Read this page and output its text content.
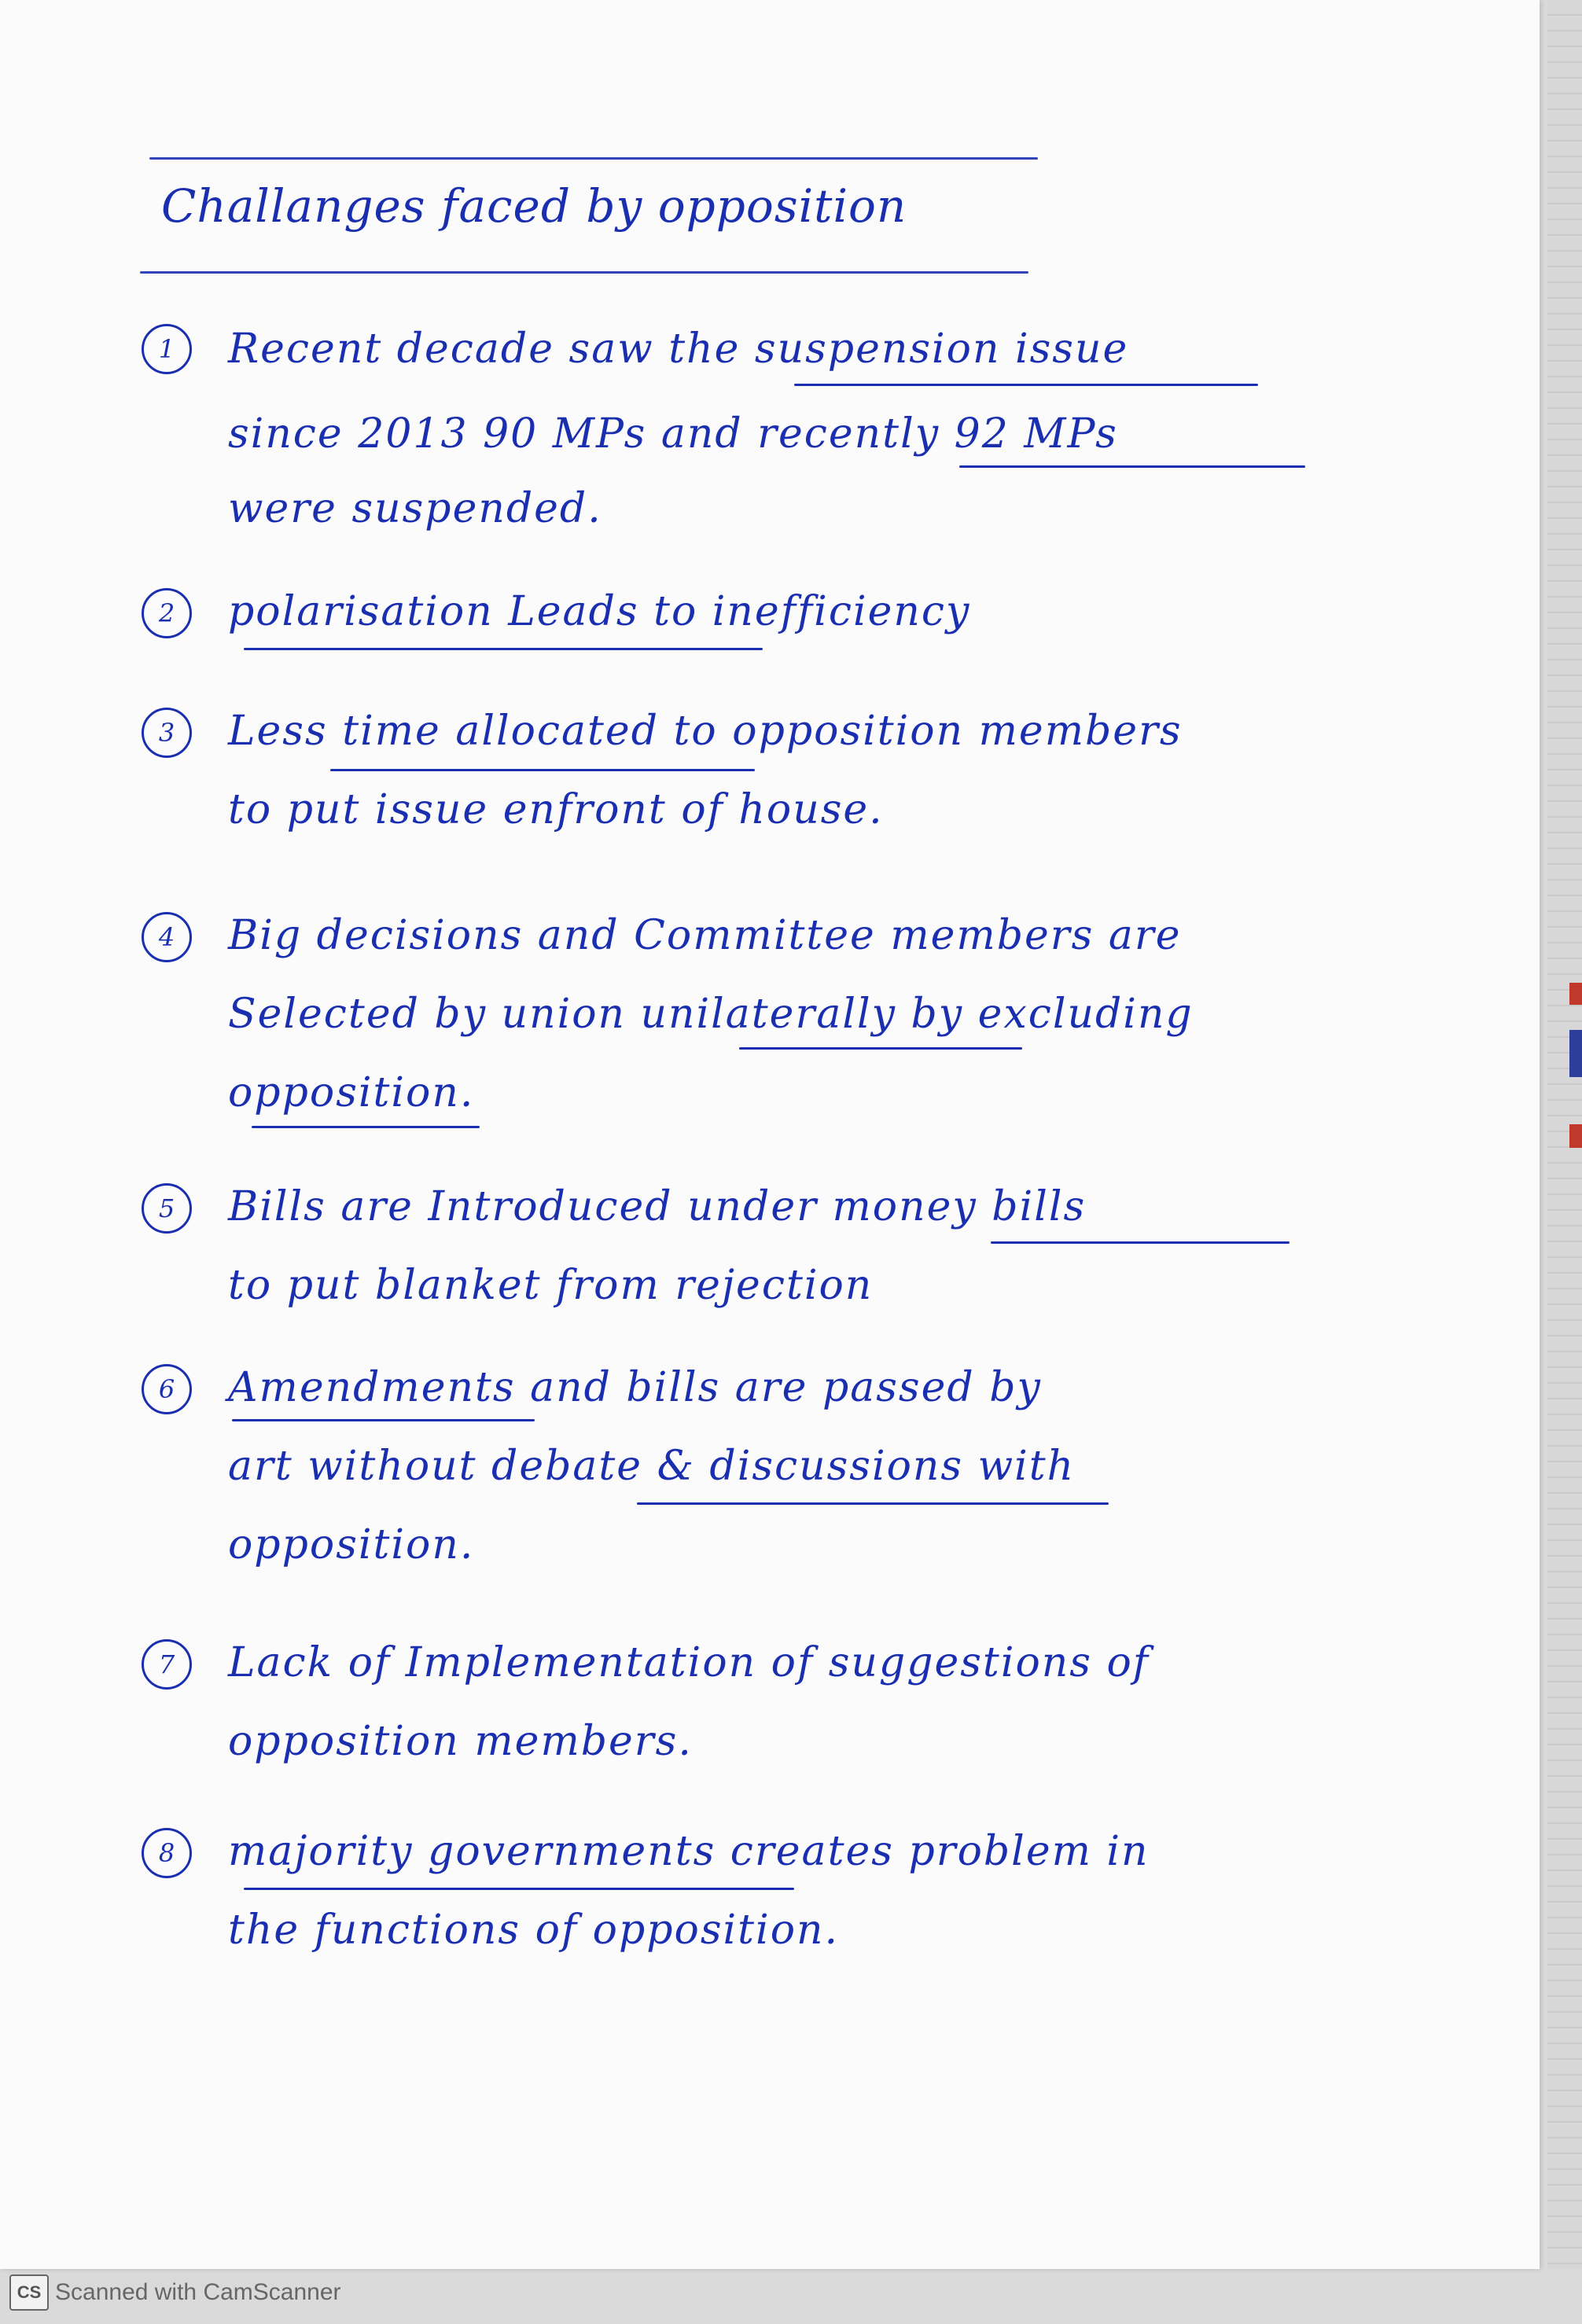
Challanges faced by opposition
1	Recent decade saw the suspension issue
since 2013 90 MPs and recently 92 MPs
were suspended.
2	polarisation Leads to inefficiency
3	Less time allocated to opposition members
to put issue enfront of house.
4	Big decisions and Committee members are
Selected by union unilaterally by excluding
opposition.
5	Bills are Introduced under money bills
to put blanket from rejection
6	Amendments and bills are passed by
art without debate & discussions with
opposition.
7	Lack of Implementation of suggestions of
opposition members.
8	majority governments creates problem in
the functions of opposition.
CS Scanned with CamScanner
